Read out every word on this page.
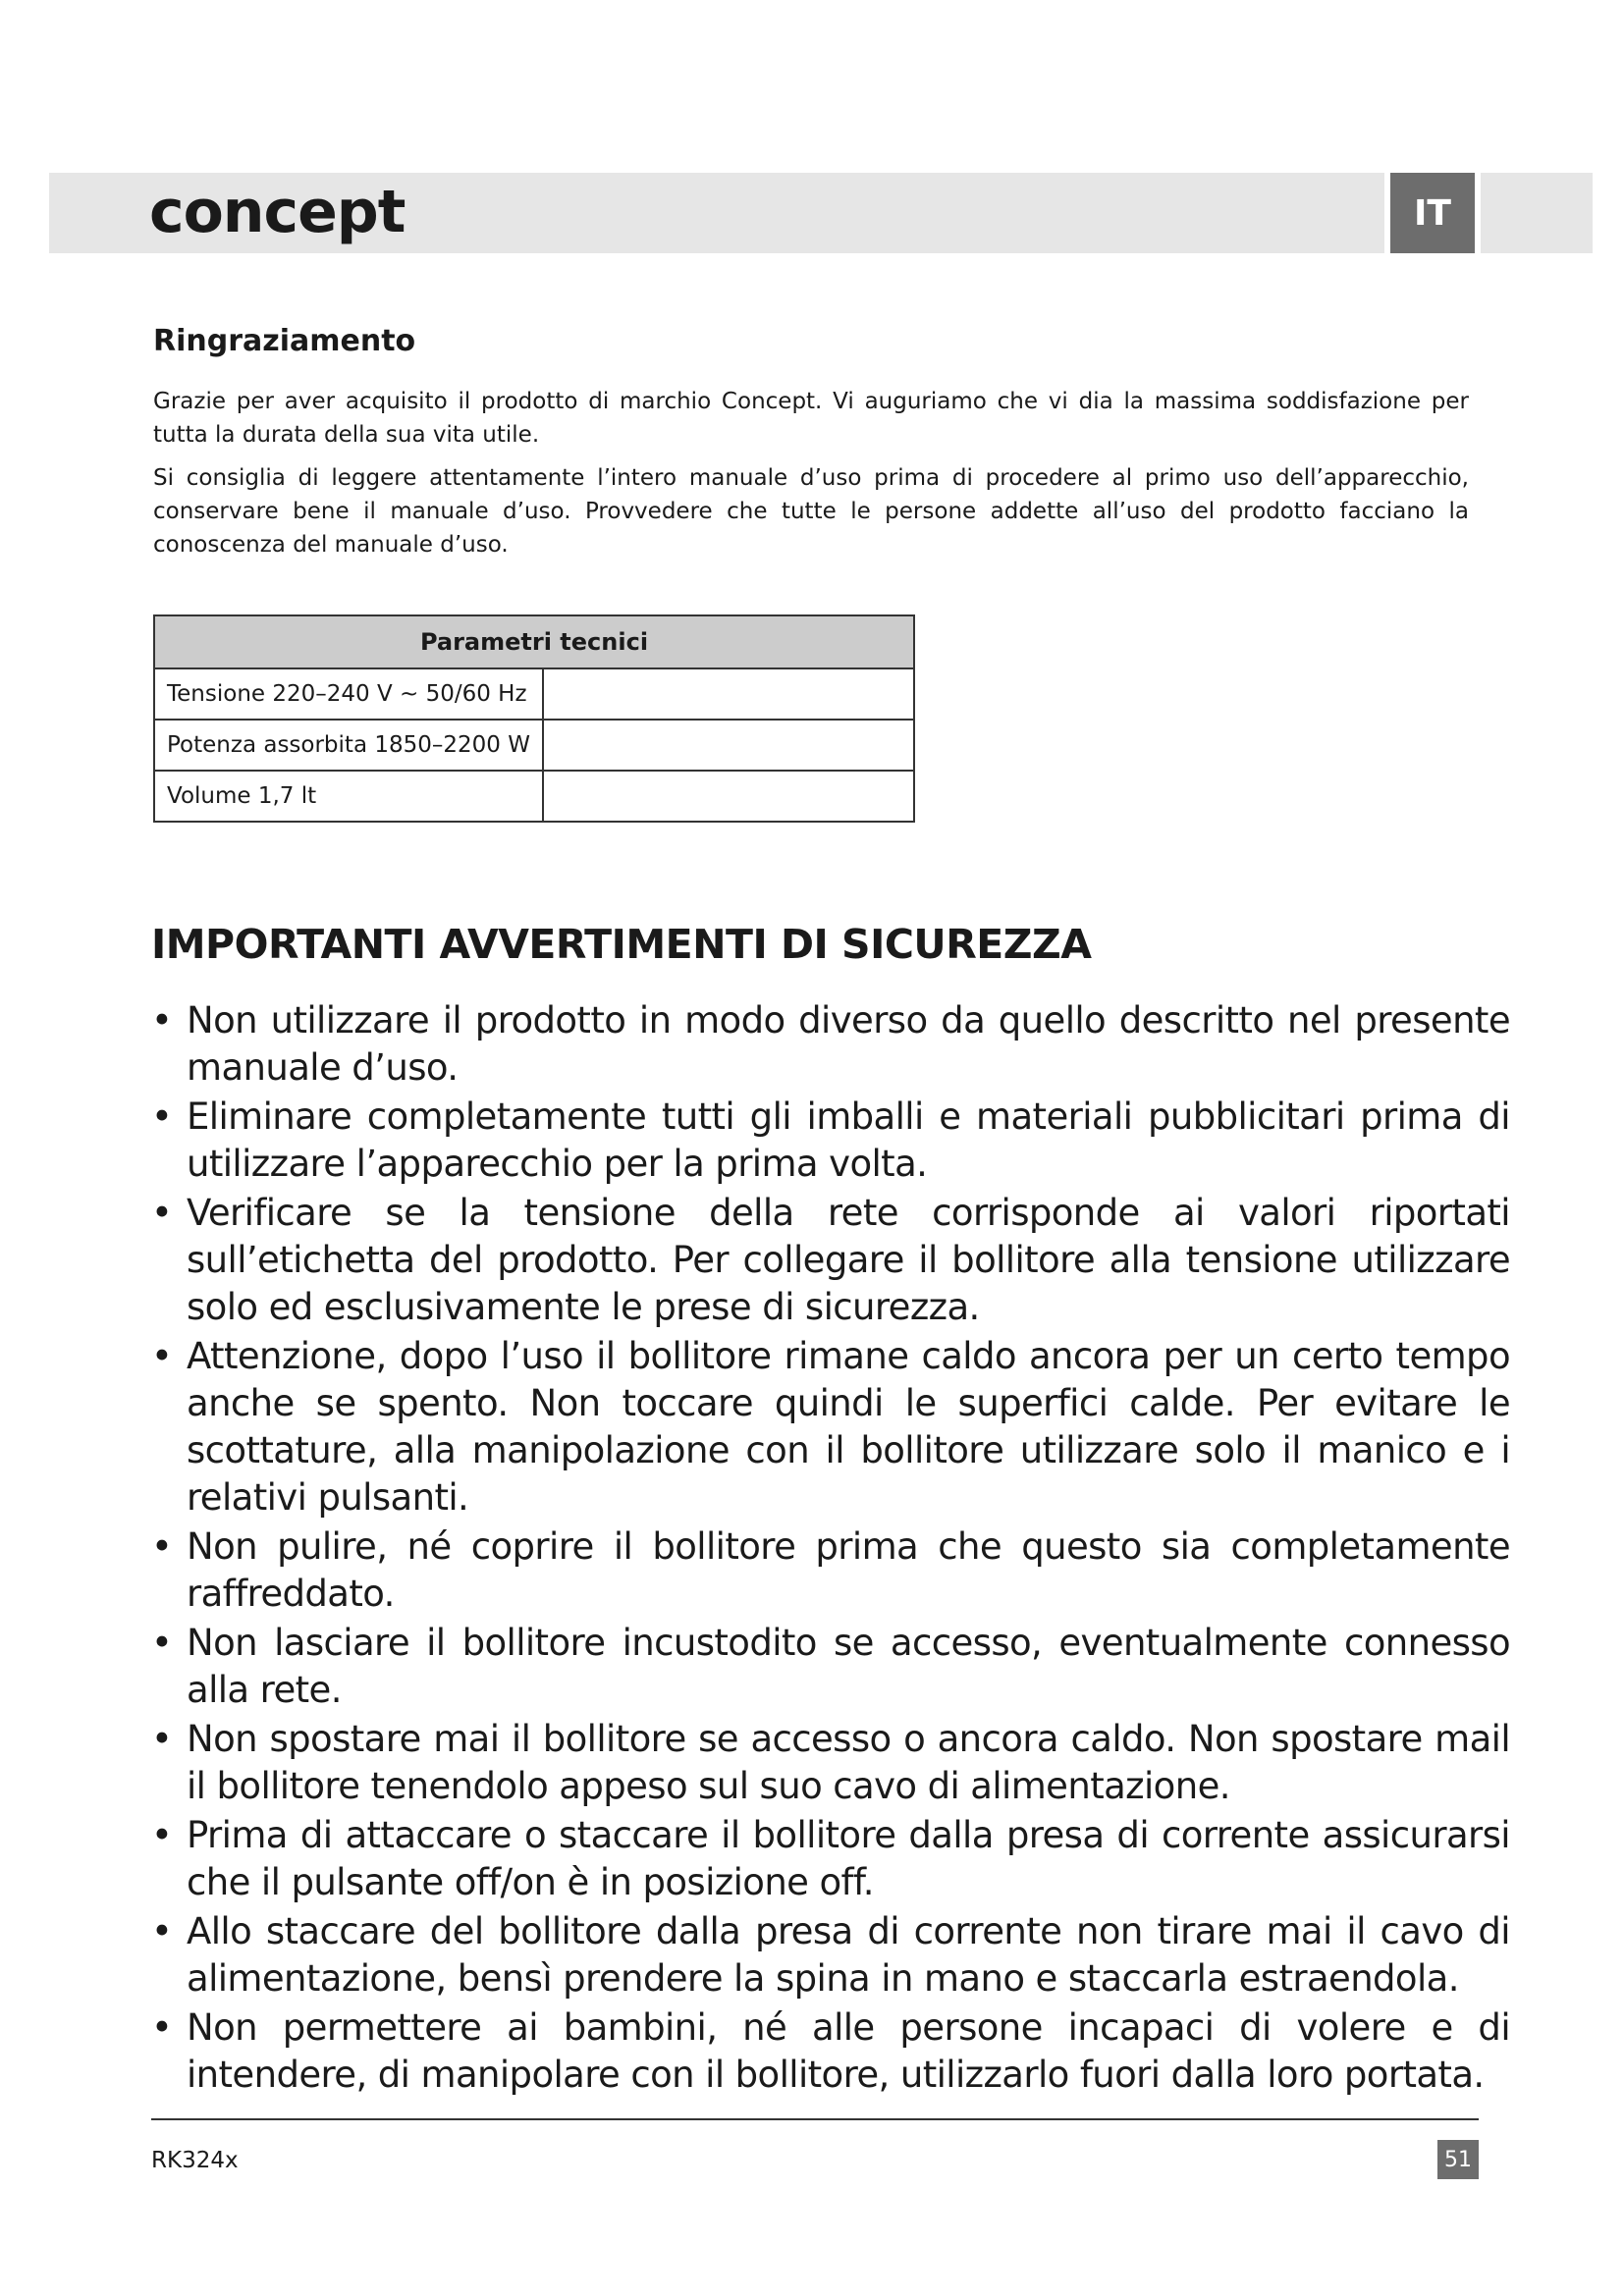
concept	IT
Ringraziamento
Grazie per aver acquisito il prodotto di marchio Concept. Vi auguriamo che vi dia la massima soddisfazione per tutta la durata della sua vita utile.
Si consiglia di leggere attentamente l’intero manuale d’uso prima di procedere al primo uso dell’apparecchio, conservare bene il manuale d’uso. Provvedere che tutte le persone addette all’uso del prodotto facciano la conoscenza del manuale d’uso.
Parametri tecnici	
Tensione 220–240 V ~ 50/60 Hz	
Potenza assorbita 1850–2200 W	
Volume 1,7 lt	
IMPORTANTI AVVERTIMENTI DI SICUREZZA
• Non utilizzare il prodotto in modo diverso da quello descritto nel presente manuale d’uso.
• Eliminare completamente tutti gli imballi e materiali pubblicitari prima di utilizzare l’apparecchio per la prima volta.
• Verificare se la tensione della rete corrisponde ai valori riportati sull’etichetta del prodotto. Per collegare il bollitore alla tensione utilizzare solo ed esclusivamente le prese di sicurezza.
• Attenzione, dopo l’uso il bollitore rimane caldo ancora per un certo tempo anche se spento. Non toccare quindi le superfici calde. Per evitare le scottature, alla manipolazione con il bollitore utilizzare solo il manico e i relativi pulsanti.
• Non pulire, né coprire il bollitore prima che questo sia completamente raffreddato.
• Non lasciare il bollitore incustodito se accesso, eventualmente connesso alla rete.
• Non spostare mai il bollitore se accesso o ancora caldo. Non spostare mail il bollitore tenendolo appeso sul suo cavo di alimentazione.
• Prima di attaccare o staccare il bollitore dalla presa di corrente assicurarsi che il pulsante off/on è in posizione off.
• Allo staccare del bollitore dalla presa di corrente non tirare mai il cavo di alimentazione, bensì prendere la spina in mano e staccarla estraendola.
• Non permettere ai bambini, né alle persone incapaci di volere e di intendere, di manipolare con il bollitore, utilizzarlo fuori dalla loro portata.
RK324x	51
